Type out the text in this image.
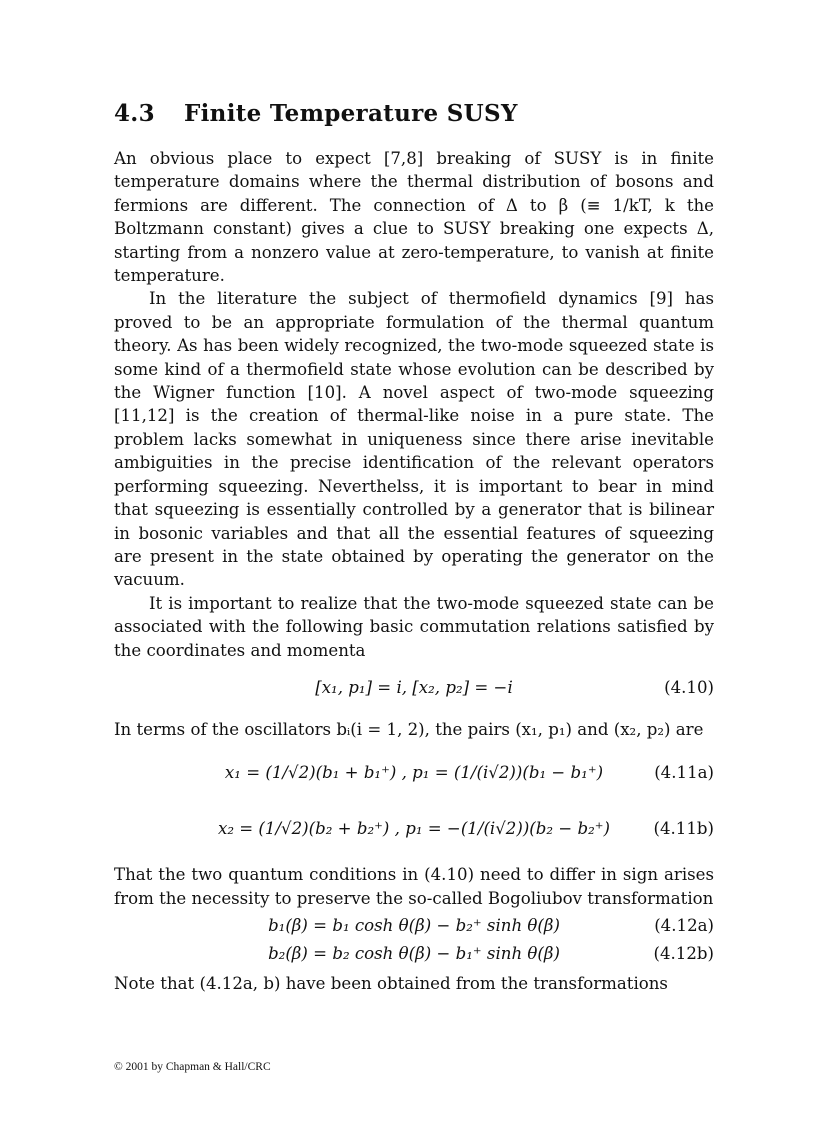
4.3 Finite Temperature SUSY

An obvious place to expect [7,8] breaking of SUSY is in finite temperature domains where the thermal distribution of bosons and fermions are different. The connection of Δ to β (≡ 1/kT, k the Boltzmann constant) gives a clue to SUSY breaking one expects Δ, starting from a nonzero value at zero-temperature, to vanish at finite temperature.

In the literature the subject of thermofield dynamics [9] has proved to be an appropriate formulation of the thermal quantum theory. As has been widely recognized, the two-mode squeezed state is some kind of a thermofield state whose evolution can be described by the Wigner function [10]. A novel aspect of two-mode squeezing [11,12] is the creation of thermal-like noise in a pure state. The problem lacks somewhat in uniqueness since there arise inevitable ambiguities in the precise identification of the relevant operators performing squeezing. Neverthelss, it is important to bear in mind that squeezing is essentially controlled by a generator that is bilinear in bosonic variables and that all the essential features of squeezing are present in the state obtained by operating the generator on the vacuum.

It is important to realize that the two-mode squeezed state can be associated with the following basic commutation relations satisfied by the coordinates and momenta

[x₁, p₁] = i, [x₂, p₂] = −i	(4.10)

In terms of the oscillators bᵢ(i = 1, 2), the pairs (x₁, p₁) and (x₂, p₂) are

x₁ = (1/√2)(b₁ + b₁⁺) , p₁ = (1/(i√2))(b₁ − b₁⁺)	(4.11a)
x₂ = (1/√2)(b₂ + b₂⁺) , p₁ = −(1/(i√2))(b₂ − b₂⁺)	(4.11b)

That the two quantum conditions in (4.10) need to differ in sign arises from the necessity to preserve the so-called Bogoliubov transformation

b₁(β) = b₁ cosh θ(β) − b₂⁺ sinh θ(β)	(4.12a)
b₂(β) = b₂ cosh θ(β) − b₁⁺ sinh θ(β)	(4.12b)

Note that (4.12a, b) have been obtained from the transformations

© 2001 by Chapman & Hall/CRC
